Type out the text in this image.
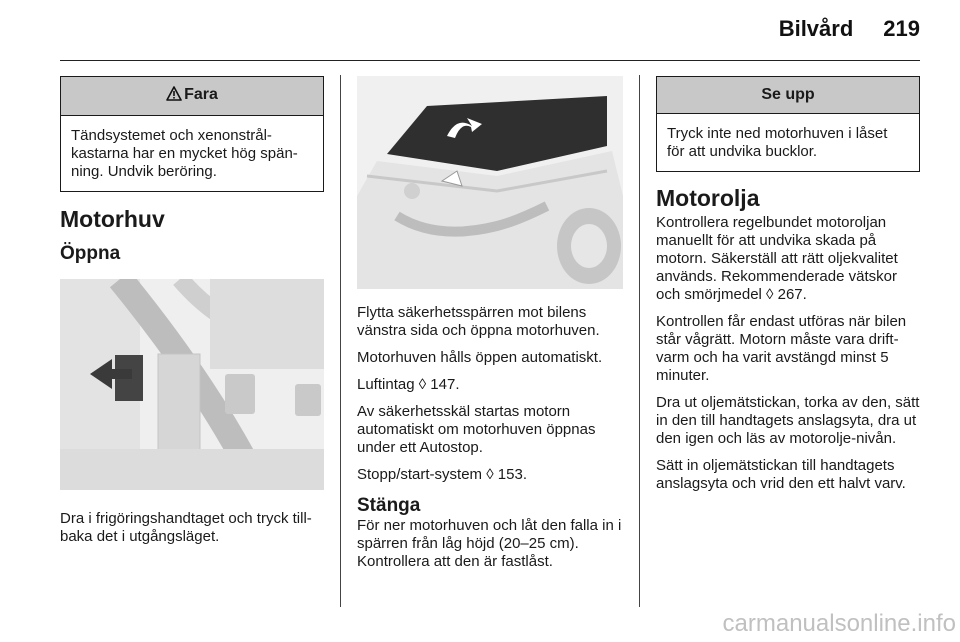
Bilvård 219
Fara
Tändsystemet och xenonstrål-kastarna har en mycket hög spän-ning. Undvik beröring.
Motorhuv
Öppna

Dra i frigöringshandtaget och tryck till-baka det i utgångsläget.

Flytta säkerhetsspärren mot bilens vänstra sida och öppna motorhuven.

Motorhuven hålls öppen automatiskt.

Luftintag ◊ 147.

Av säkerhetsskäl startas motorn automatiskt om motorhuven öppnas under ett Autostop.

Stopp/start-system ◊ 153.

Stänga

För ner motorhuven och låt den falla in i spärren från låg höjd (20–25 cm). Kontrollera att den är fastlåst.

Se upp
Tryck inte ned motorhuven i låset för att undvika bucklor.
Motorolja

Kontrollera regelbundet motoroljan manuellt för att undvika skada på motorn. Säkerställ att rätt oljekvalitet används. Rekommenderade vätskor och smörjmedel ◊ 267.

Kontrollen får endast utföras när bilen står vågrätt. Motorn måste vara drift-varm och ha varit avstängd minst 5 minuter.

Dra ut oljemätstickan, torka av den, sätt in den till handtagets anslagsyta, dra ut den igen och läs av motorolje-nivån.

Sätt in oljemätstickan till handtagets anslagsyta och vrid den ett halvt varv.

carmanualsonline.info
